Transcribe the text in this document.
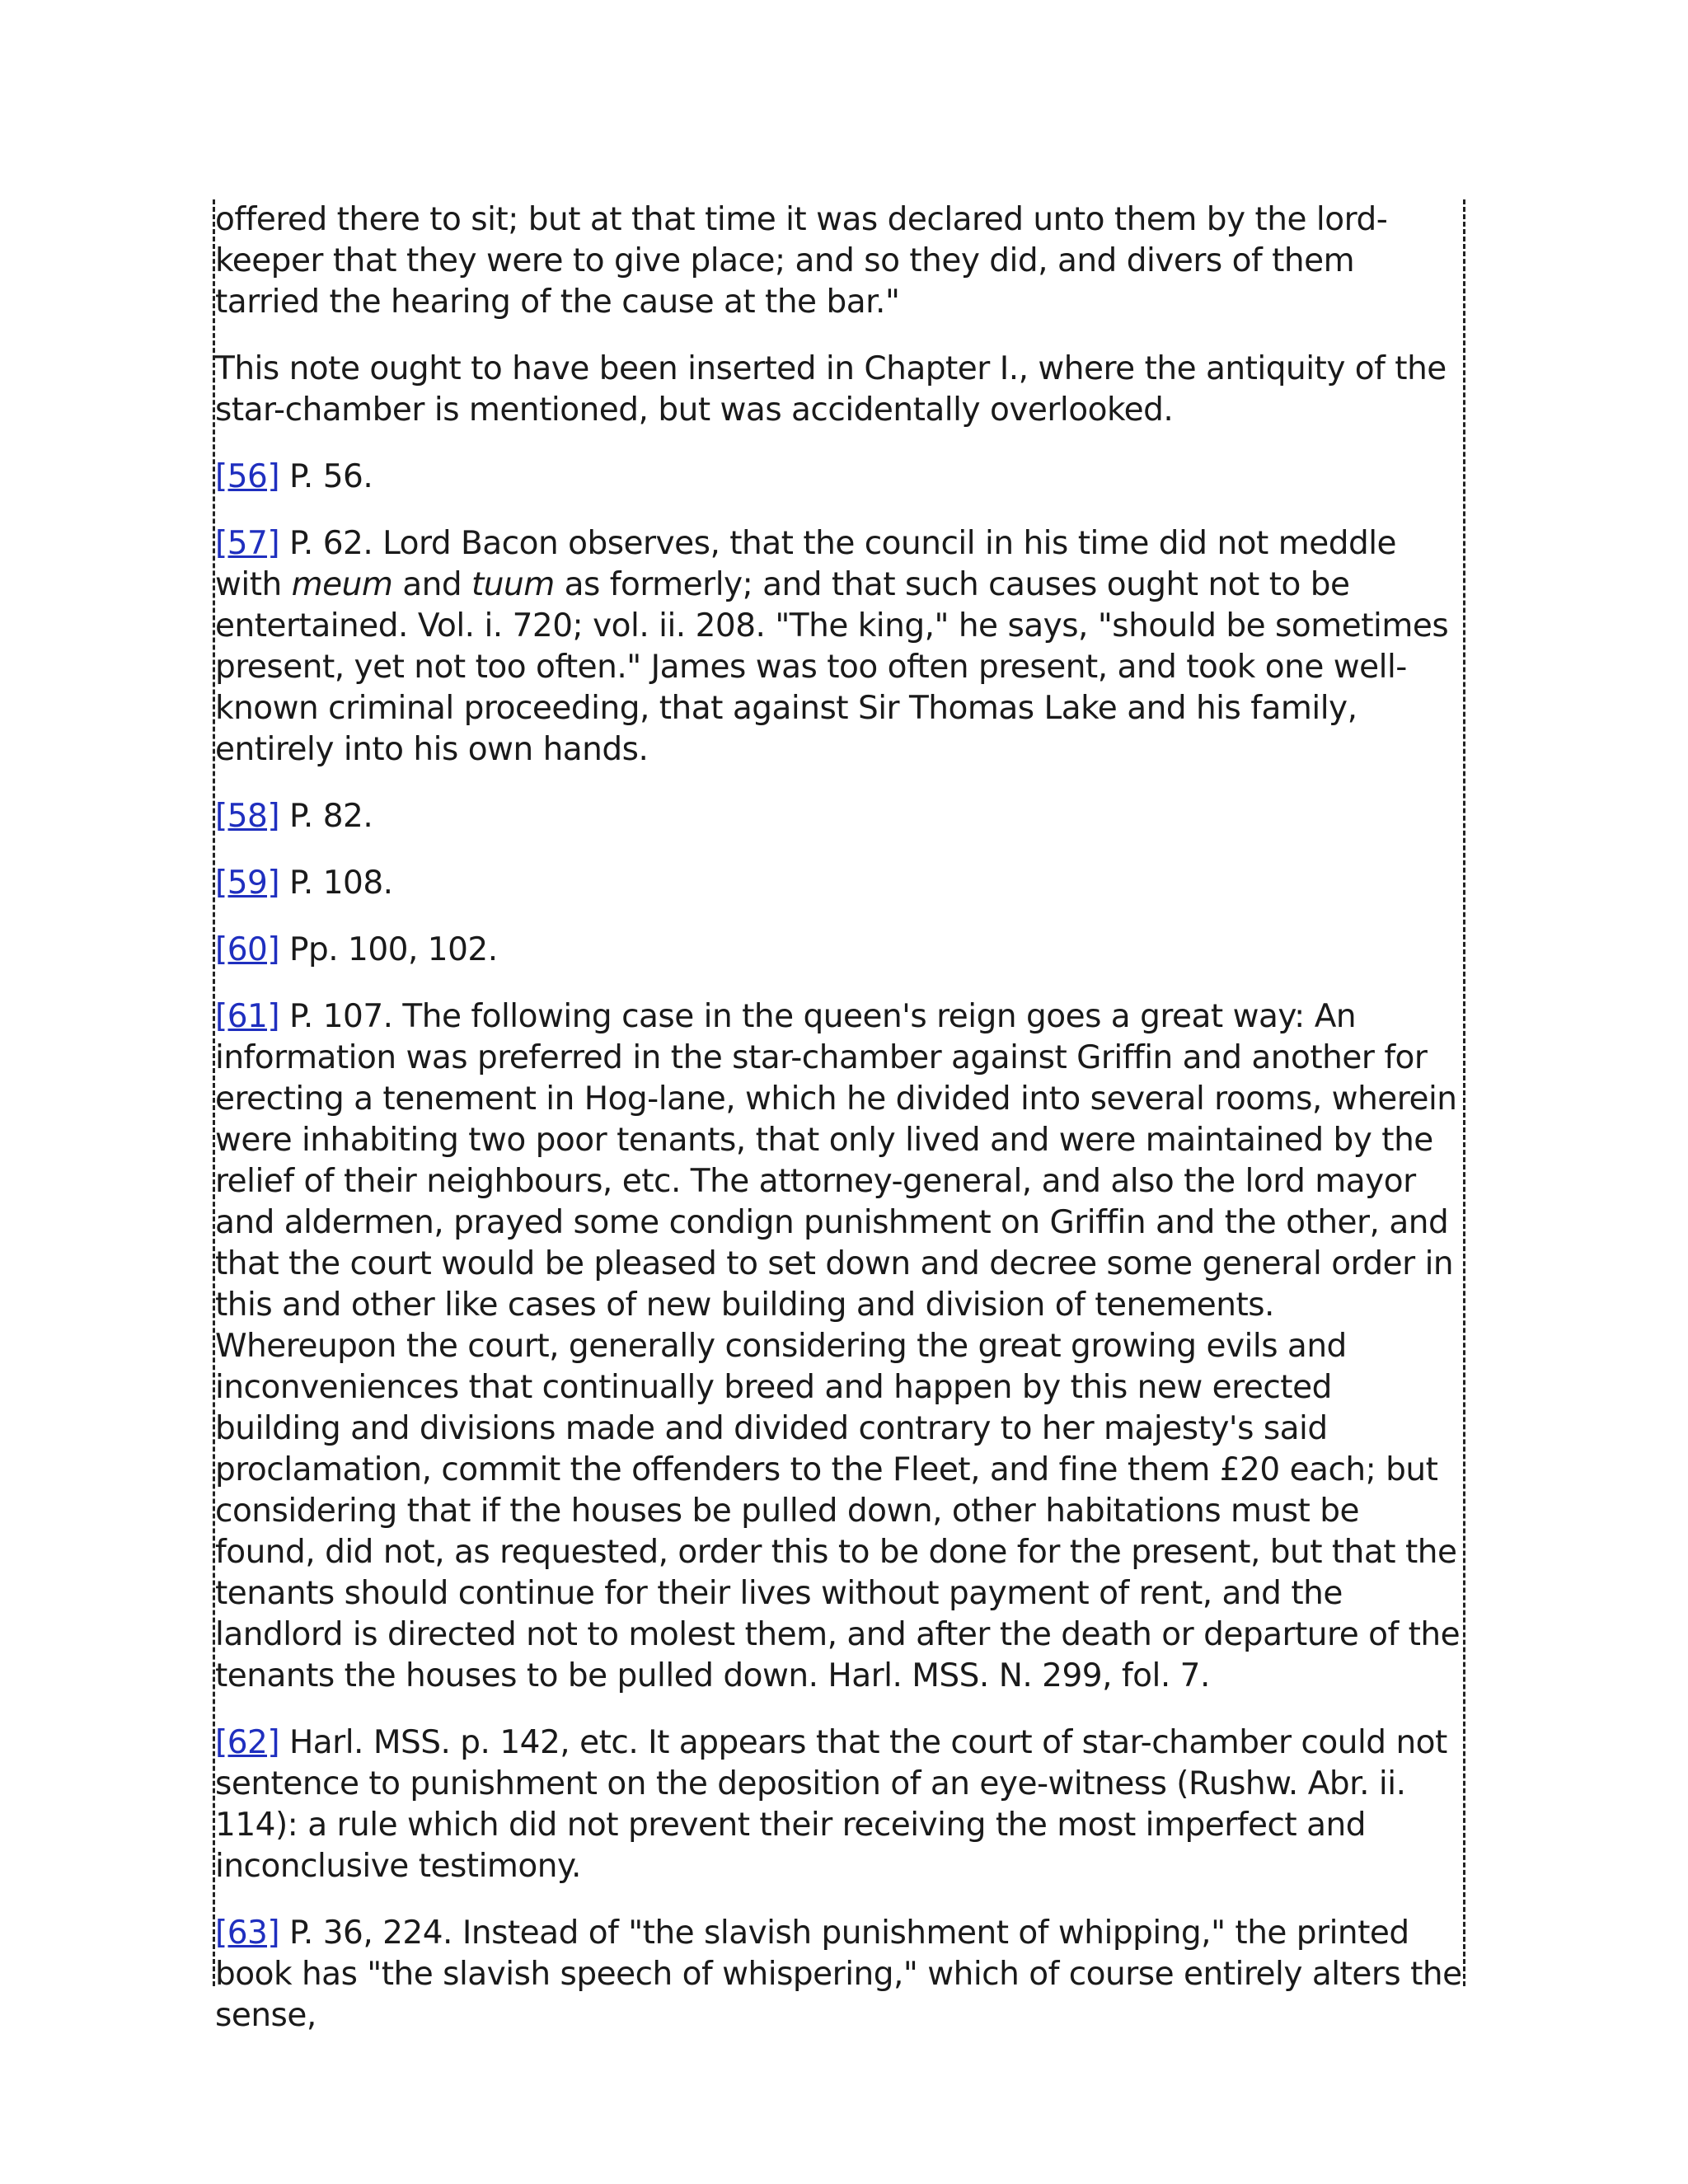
offered there to sit; but at that time it was declared unto them by the lord-keeper that they were to give place; and so they did, and divers of them tarried the hearing of the cause at the bar."

This note ought to have been inserted in Chapter I., where the antiquity of the star-chamber is mentioned, but was accidentally overlooked.

[56] P. 56.

[57] P. 62. Lord Bacon observes, that the council in his time did not meddle with meum and tuum as formerly; and that such causes ought not to be entertained. Vol. i. 720; vol. ii. 208. "The king," he says, "should be sometimes present, yet not too often." James was too often present, and took one well-known criminal proceeding, that against Sir Thomas Lake and his family, entirely into his own hands.

[58] P. 82.

[59] P. 108.

[60] Pp. 100, 102.

[61] P. 107. The following case in the queen's reign goes a great way: An information was preferred in the star-chamber against Griffin and another for erecting a tenement in Hog-lane, which he divided into several rooms, wherein were inhabiting two poor tenants, that only lived and were maintained by the relief of their neighbours, etc. The attorney-general, and also the lord mayor and aldermen, prayed some condign punishment on Griffin and the other, and that the court would be pleased to set down and decree some general order in this and other like cases of new building and division of tenements. Whereupon the court, generally considering the great growing evils and inconveniences that continually breed and happen by this new erected building and divisions made and divided contrary to her majesty's said proclamation, commit the offenders to the Fleet, and fine them £20 each; but considering that if the houses be pulled down, other habitations must be found, did not, as requested, order this to be done for the present, but that the tenants should continue for their lives without payment of rent, and the landlord is directed not to molest them, and after the death or departure of the tenants the houses to be pulled down. Harl. MSS. N. 299, fol. 7.

[62] Harl. MSS. p. 142, etc. It appears that the court of star-chamber could not sentence to punishment on the deposition of an eye-witness (Rushw. Abr. ii. 114): a rule which did not prevent their receiving the most imperfect and inconclusive testimony.

[63] P. 36, 224. Instead of "the slavish punishment of whipping," the printed book has "the slavish speech of whispering," which of course entirely alters the sense,
